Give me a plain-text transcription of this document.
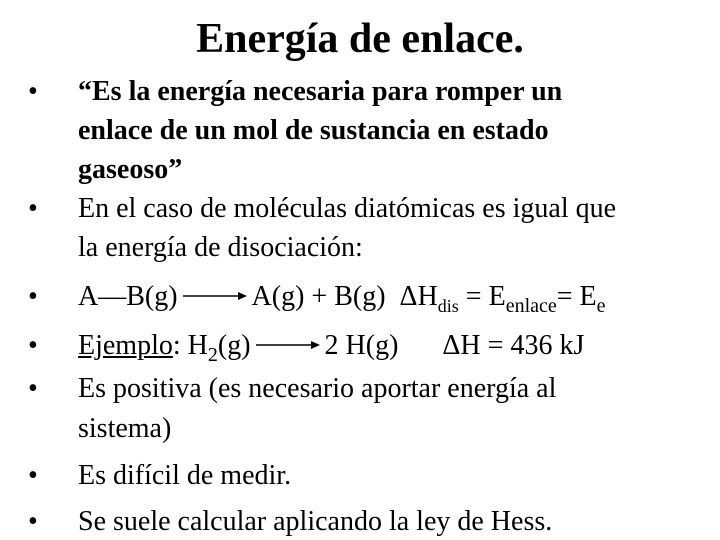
Energía de enlace.
• “Es la energía necesaria para romper un
enlace de un mol de sustancia en estado
gaseoso”
• En el caso de moléculas diatómicas es igual que
la energía de disociación:
• A—B(g) → A(g) + B(g) $\Delta H_{dis} = E_{enlace}= E_e$
• Ejemplo: $H_2(g) \to 2$ H(g) ΔH = 436 kJ
• Es positiva (es necesario aportar energía al
sistema)
• Es difícil de medir.
• Se suele calcular aplicando la ley de Hess.
